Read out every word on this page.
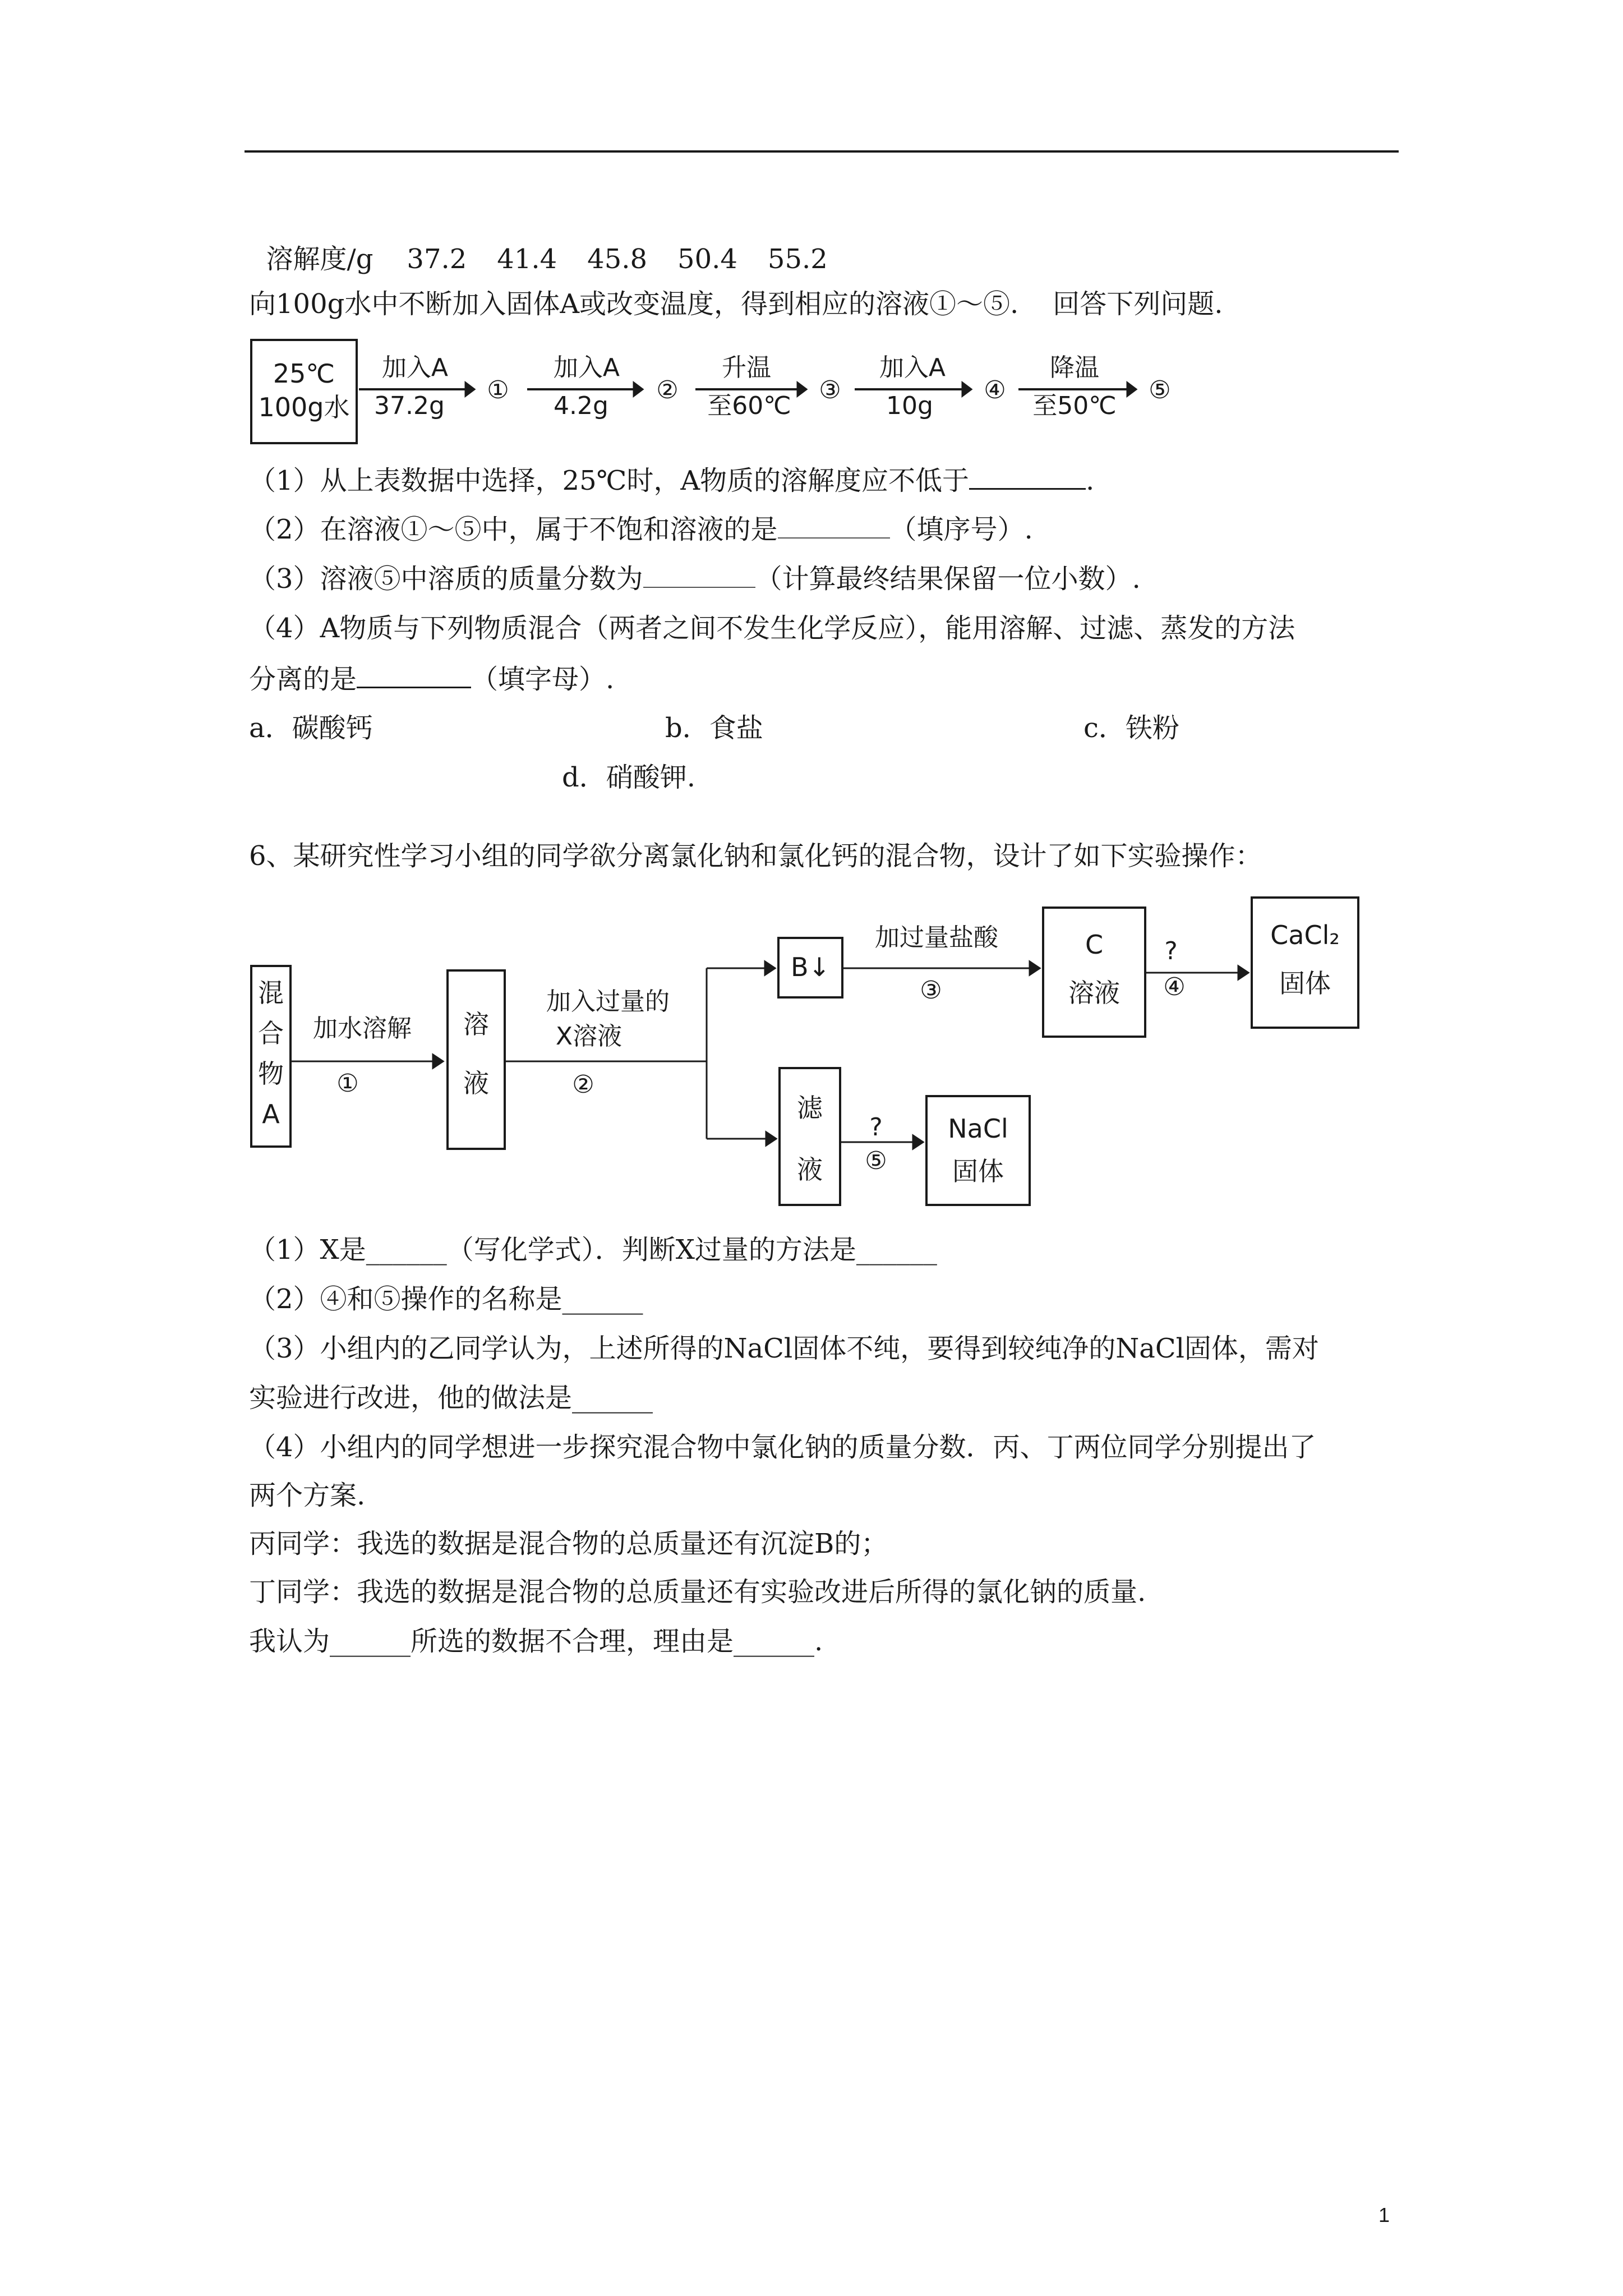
溶解度/g 37.2 41.4 45.8 50.4 55.2

向100g水中不断加入固体A或改变温度，得到相应的溶液①～⑤.    回答下列问题.
25℃
100g水
加入A
37.2g
①
加入A
4.2g
②
升温
至60℃
③
加入A
10g
④
降温
至50℃
⑤
（1）从上表数据中选择，25℃时，A物质的溶解度应不低于	.
（2）在溶液①～⑤中，属于不饱和溶液的是	（填序号）.
（3）溶液⑤中溶质的质量分数为	（计算最终结果保留一位小数）.
（4）A物质与下列物质混合（两者之间不发生化学反应），能用溶解、过滤、蒸发的方法
分离的是	（填字母）.
a．碳酸钙	b．食盐	c．铁粉
d．硝酸钾.
6、某研究性学习小组的同学欲分离氯化钠和氯化钙的混合物，设计了如下实验操作：
混
合
物
A
加水溶解
①
溶
液
加入过量的
X溶液
②
B↓
加过量盐酸
③
C
溶液
?
④
CaCl₂
固体
滤
液
?
⑤
NaCl
固体
（1）X是______（写化学式）．判断X过量的方法是______
（2）④和⑤操作的名称是______
（3）小组内的乙同学认为，上述所得的NaCl固体不纯，要得到较纯净的NaCl固体，需对
实验进行改进，他的做法是______
（4）小组内的同学想进一步探究混合物中氯化钠的质量分数．丙、丁两位同学分别提出了
两个方案.
丙同学：我选的数据是混合物的总质量还有沉淀B的；
丁同学：我选的数据是混合物的总质量还有实验改进后所得的氯化钠的质量.
我认为______所选的数据不合理，理由是______.
1
